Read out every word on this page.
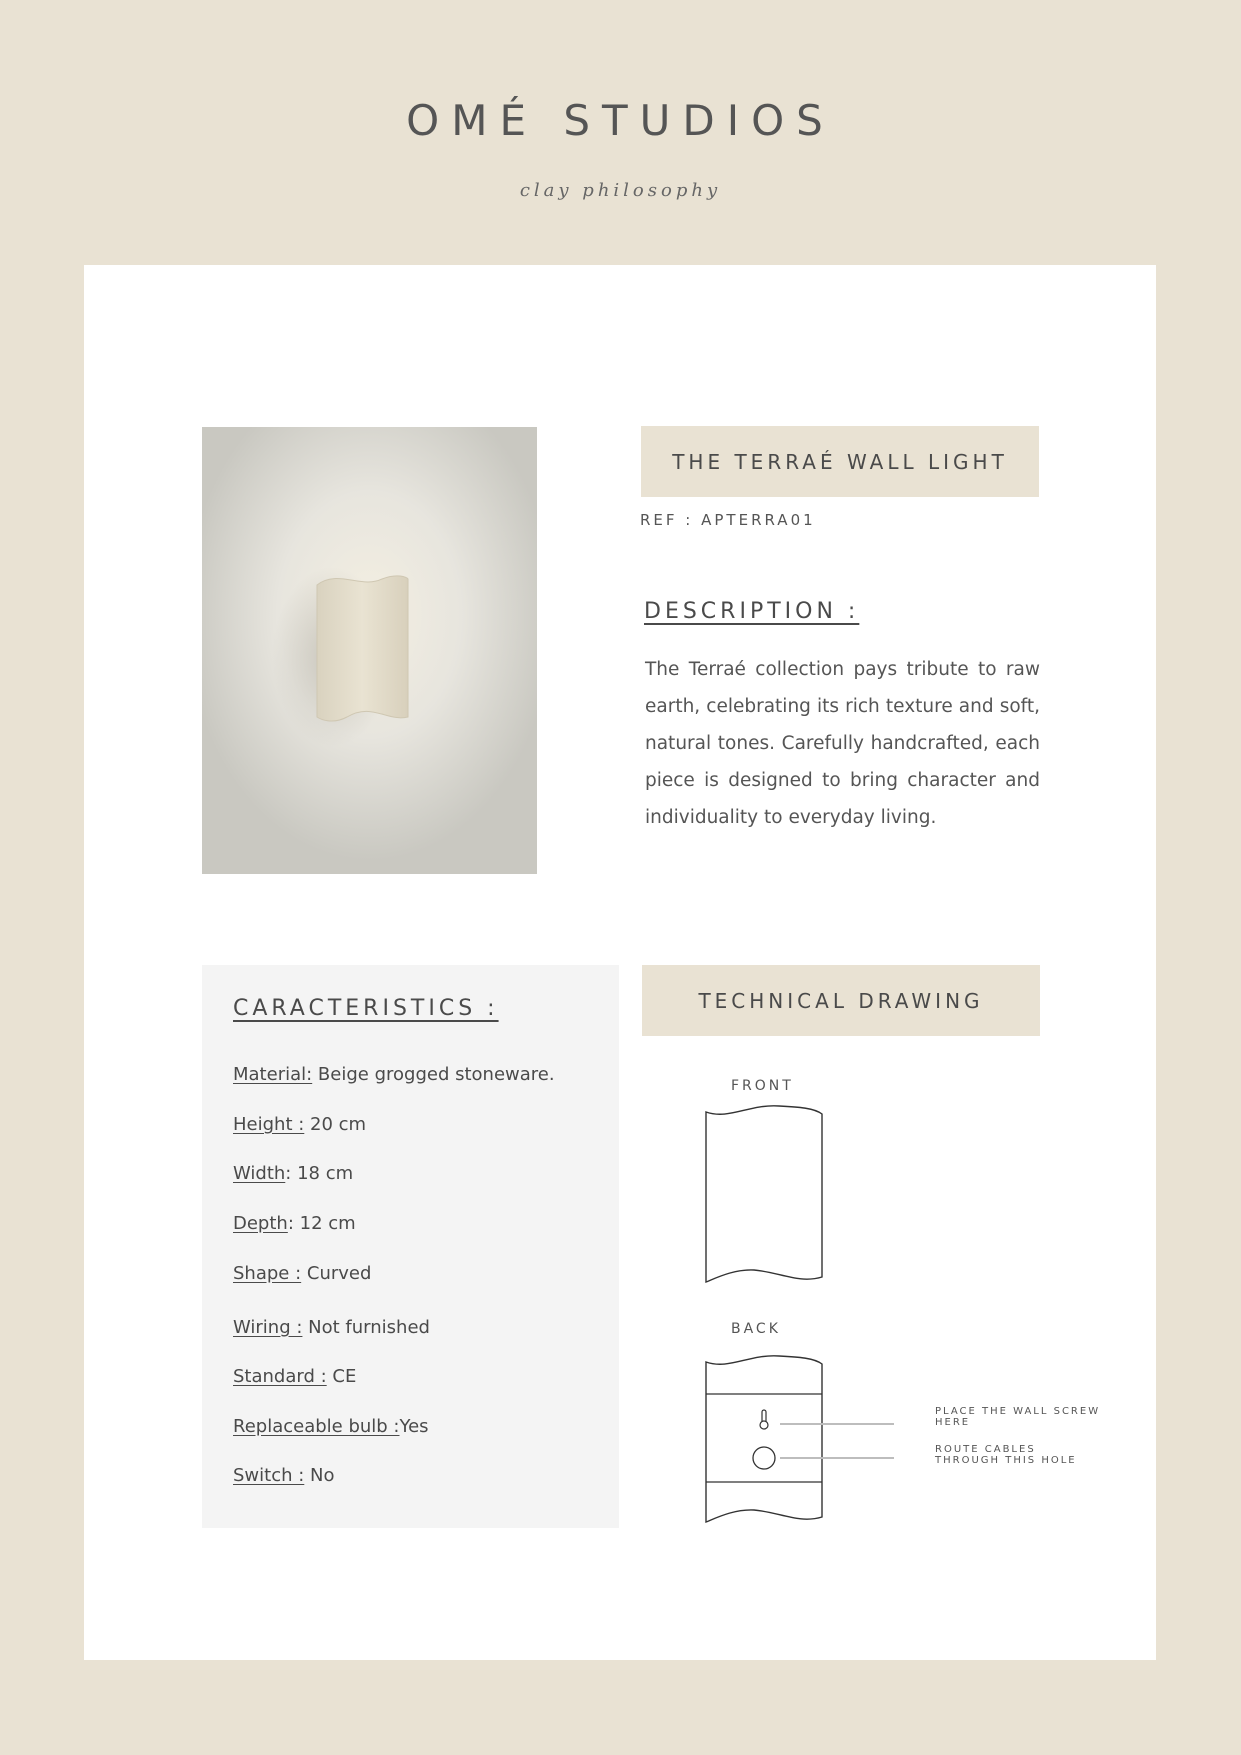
OMÉ STUDIOS
clay philosophy
THE TERRAÉ WALL LIGHT
REF : APTERRA01
DESCRIPTION :
The Terraé collection pays tribute to raw earth, celebrating its rich texture and soft, natural tones. Carefully handcrafted, each piece is designed to bring character and individuality to everyday living.
CARACTERISTICS :
Material: Beige grogged stoneware.
Height : 20 cm
Width: 18 cm
Depth: 12 cm
Shape : Curved
Wiring : Not furnished
Standard : CE
Replaceable bulb :Yes
Switch : No
TECHNICAL DRAWING
FRONT
BACK
PLACE THE WALL SCREW HERE
ROUTE CABLES THROUGH THIS HOLE
